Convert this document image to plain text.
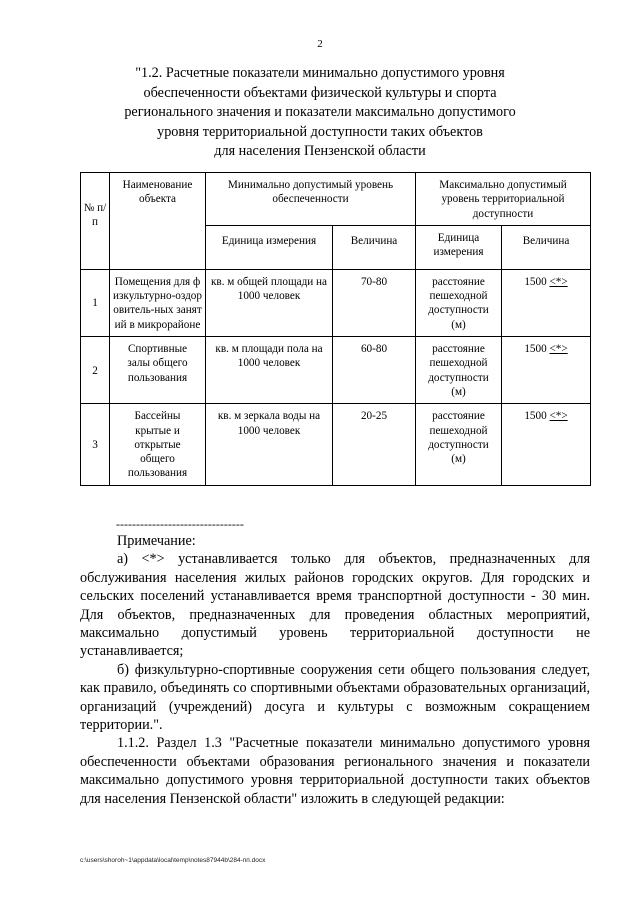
2
"1.2. Расчетные показатели минимально допустимого уровня
обеспеченности объектами физической культуры и спорта
регионального значения и показатели максимально допустимого
уровня территориальной доступности таких объектов
для населения Пензенской области
№ п/п	Наименование объекта	Минимально допустимый уровень обеспеченности		Максимально допустимый уровень территориальной доступности	
		Единица измерения	Величина	Единица измерения	Величина
1	Помещения для физкультурно-оздоровитель-ных занятий в микрорайоне	кв. м общей площади на 1000 человек	70-80	расстояние пешеходной доступности (м)	1500 <*>
2	Спортивные залы общего пользования	кв. м площади пола на 1000 человек	60-80	расстояние пешеходной доступности (м)	1500 <*>
3	Бассейны крытые и открытые общего пользования	кв. м зеркала воды на 1000 человек	20-25	расстояние пешеходной доступности (м)	1500 <*>
--------------------------------

Примечание:

а) <*> устанавливается только для объектов, предназначенных для обслуживания населения жилых районов городских округов. Для городских и сельских поселений устанавливается время транспортной доступности - 30 мин. Для объектов, предназначенных для проведения областных мероприятий, максимально допустимый уровень территориальной доступности не устанавливается;

б) физкультурно-спортивные сооружения сети общего пользования следует, как правило, объединять со спортивными объектами образовательных организаций, организаций (учреждений) досуга и культуры с возможным сокращением территории.".

1.1.2. Раздел 1.3 "Расчетные показатели минимально допустимого уровня обеспеченности объектами образования регионального значения и показатели максимально допустимого уровня территориальной доступности таких объектов для населения Пензенской области" изложить в следующей редакции:

c:\users\shoroh~1\appdata\local\temp\notes87944b\284-пп.docx
